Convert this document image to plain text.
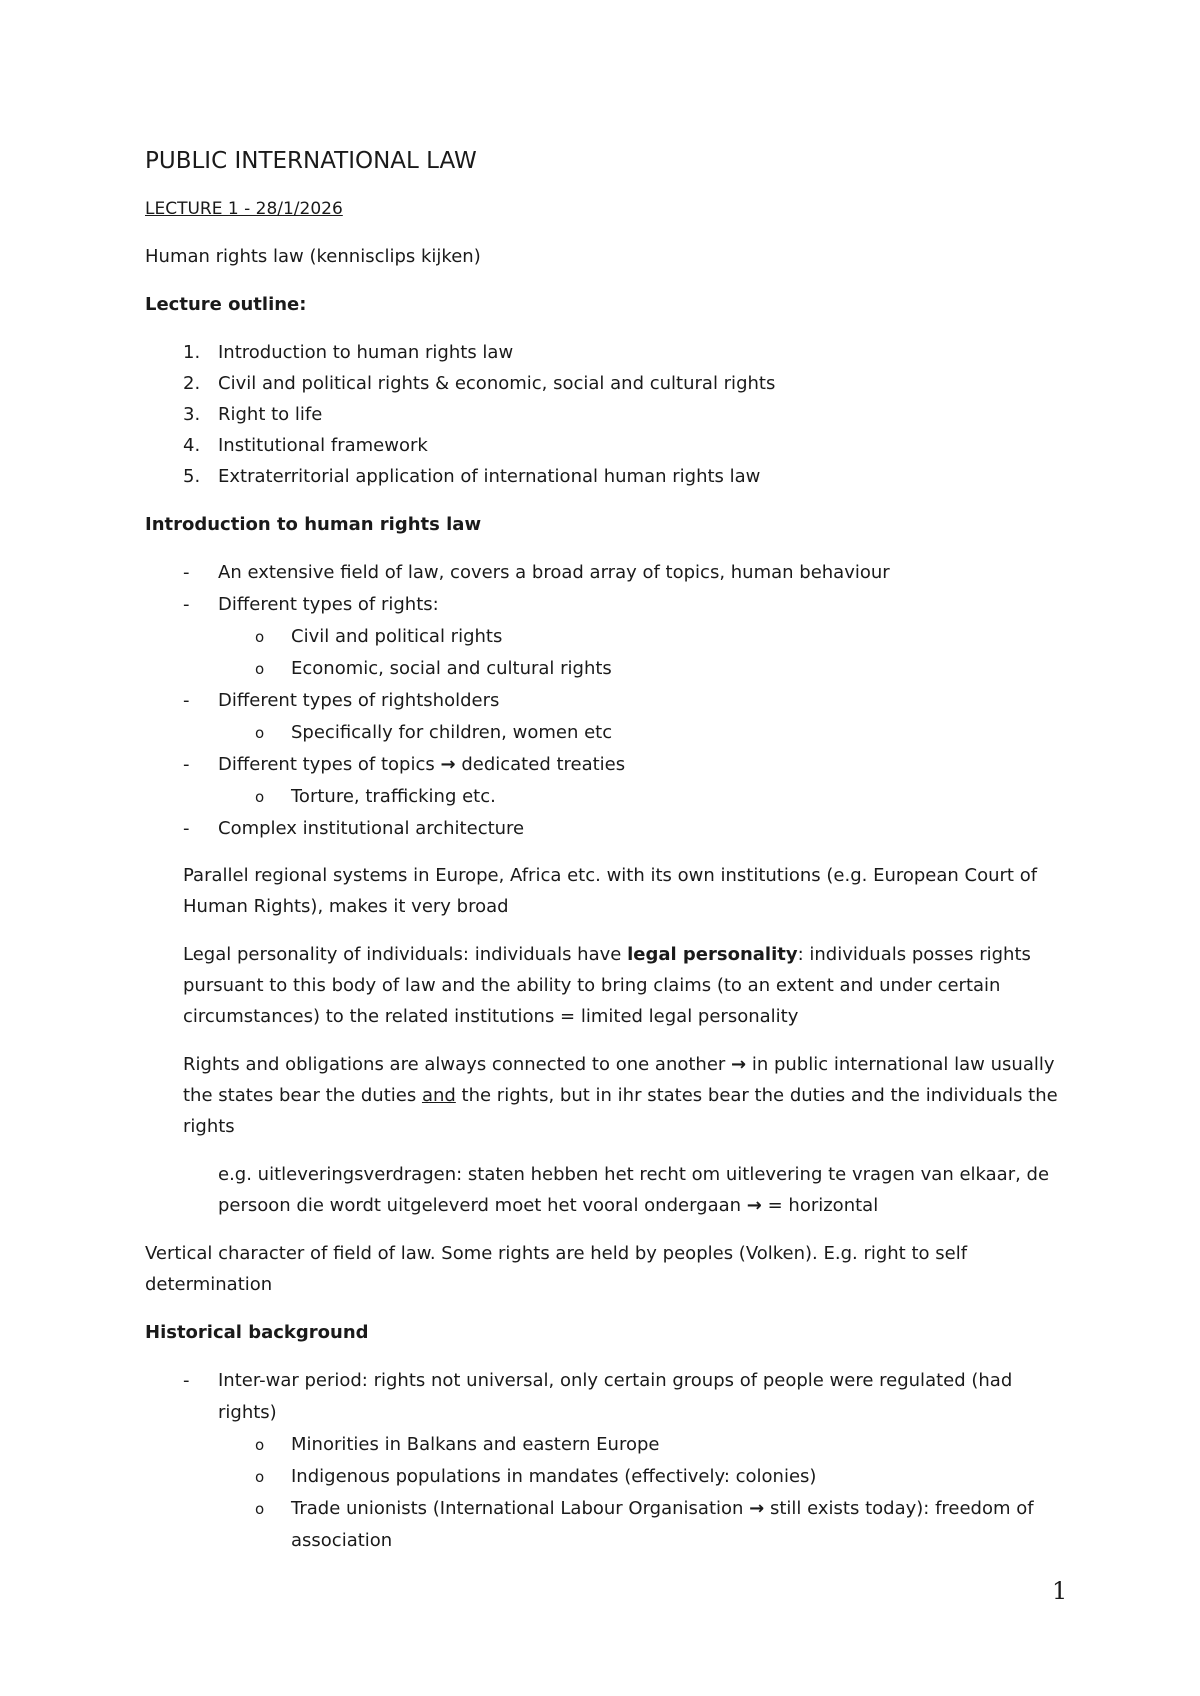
PUBLIC INTERNATIONAL LAW
LECTURE 1 - 28/1/2026
Human rights law (kennisclips kijken)
Lecture outline:
1. Introduction to human rights law
2. Civil and political rights & economic, social and cultural rights
3. Right to life
4. Institutional framework
5. Extraterritorial application of international human rights law
Introduction to human rights law
- An extensive field of law, covers a broad array of topics, human behaviour
- Different types of rights:
o Civil and political rights
o Economic, social and cultural rights
- Different types of rightsholders
o Specifically for children, women etc
- Different types of topics → dedicated treaties
o Torture, trafficking etc.
- Complex institutional architecture
Parallel regional systems in Europe, Africa etc. with its own institutions (e.g. European Court of Human Rights), makes it very broad
Legal personality of individuals: individuals have legal personality: individuals posses rights pursuant to this body of law and the ability to bring claims (to an extent and under certain circumstances) to the related institutions = limited legal personality
Rights and obligations are always connected to one another → in public international law usually the states bear the duties and the rights, but in ihr states bear the duties and the individuals the rights
e.g. uitleveringsverdragen: staten hebben het recht om uitlevering te vragen van elkaar, de persoon die wordt uitgeleverd moet het vooral ondergaan → = horizontal
Vertical character of field of law. Some rights are held by peoples (Volken). E.g. right to self determination
Historical background
- Inter-war period: rights not universal, only certain groups of people were regulated (had rights)
o Minorities in Balkans and eastern Europe
o Indigenous populations in mandates (effectively: colonies)
o Trade unionists (International Labour Organisation → still exists today): freedom of association
1
